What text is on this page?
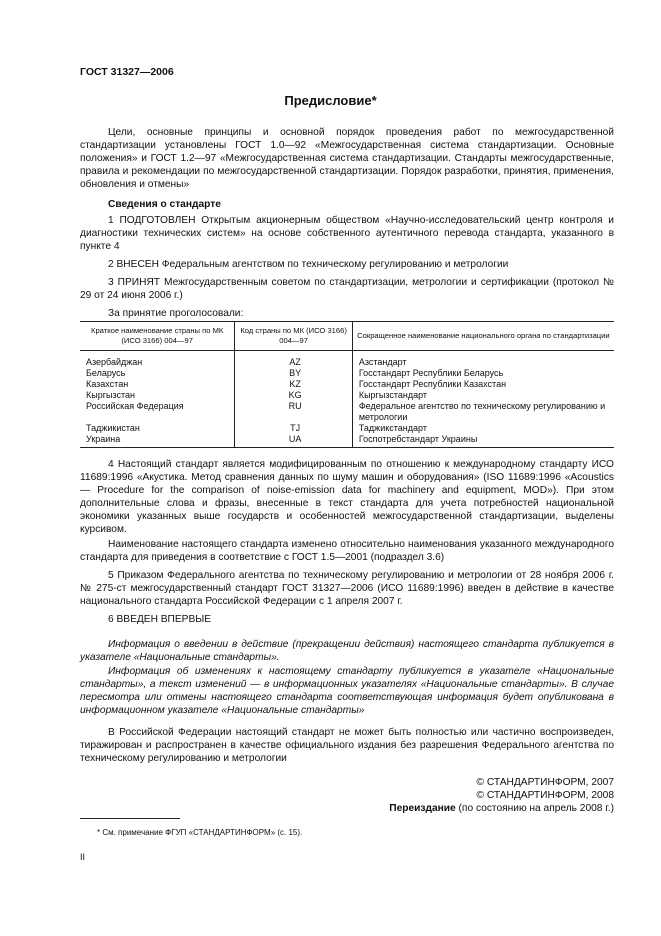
ГОСТ 31327—2006
Предисловие*

Цели, основные принципы и основной порядок проведения работ по межгосударственной стандартизации установлены ГОСТ 1.0—92 «Межгосударственная система стандартизации. Основные положения» и ГОСТ 1.2—97 «Межгосударственная система стандартизации. Стандарты межгосударственные, правила и рекомендации по межгосударственной стандартизации. Порядок разработки, принятия, применения, обновления и отмены»

Сведения о стандарте

1 ПОДГОТОВЛЕН Открытым акционерным обществом «Научно-исследовательский центр контроля и диагностики технических систем» на основе собственного аутентичного перевода стандарта, указанного в пункте 4

2 ВНЕСЕН Федеральным агентством по техническому регулированию и метрологии

3 ПРИНЯТ Межгосударственным советом по стандартизации, метрологии и сертификации (протокол № 29 от 24 июня 2006 г.)

За принятие проголосовали:

Краткое наименование страны по МК (ИСО 3166) 004—97	Код страны по МК (ИСО 3166) 004—97	Сокращенное наименование национального органа по стандартизации
Азербайджан	AZ	Азстандарт
Беларусь	BY	Госстандарт Республики Беларусь
Казахстан	KZ	Госстандарт Республики Казахстан
Кыргызстан	KG	Кыргызстандарт
Российская Федерация	RU	Федеральное агентство по техническому регулированию и метрологии
Таджикистан	TJ	Таджикстандарт
Украина	UA	Госпотребстандарт Украины

4 Настоящий стандарт является модифицированным по отношению к международному стандарту ИСО 11689:1996 «Акустика. Метод сравнения данных по шуму машин и оборудования» (ISO 11689:1996 «Acoustics — Procedure for the comparison of noise-emission data for machinery and equipment, MOD»). При этом дополнительные слова и фразы, внесенные в текст стандарта для учета потребностей национальной экономики указанных выше государств и особенностей межгосударственной стандартизации, выделены курсивом.

Наименование настоящего стандарта изменено относительно наименования указанного международного стандарта для приведения в соответствие с ГОСТ 1.5—2001 (подраздел 3.6)

5 Приказом Федерального агентства по техническому регулированию и метрологии от 28 ноября 2006 г. № 275-ст межгосударственный стандарт ГОСТ 31327—2006 (ИСО 11689:1996) введен в действие в качестве национального стандарта Российской Федерации с 1 апреля 2007 г.

6 ВВЕДЕН ВПЕРВЫЕ

Информация о введении в действие (прекращении действия) настоящего стандарта публикуется в указателе «Национальные стандарты».

Информация об изменениях к настоящему стандарту публикуется в указателе «Национальные стандарты», а текст изменений — в информационных указателях «Национальные стандарты». В случае пересмотра или отмены настоящего стандарта соответствующая информация будет опубликована в информационном указателе «Национальные стандарты»

В Российской Федерации настоящий стандарт не может быть полностью или частично воспроизведен, тиражирован и распространен в качестве официального издания без разрешения Федерального агентства по техническому регулированию и метрологии

© СТАНДАРТИНФОРМ, 2007
© СТАНДАРТИНФОРМ, 2008
Переиздание (по состоянию на апрель 2008 г.)
* См. примечание ФГУП «СТАНДАРТИНФОРМ» (с. 15).
II
